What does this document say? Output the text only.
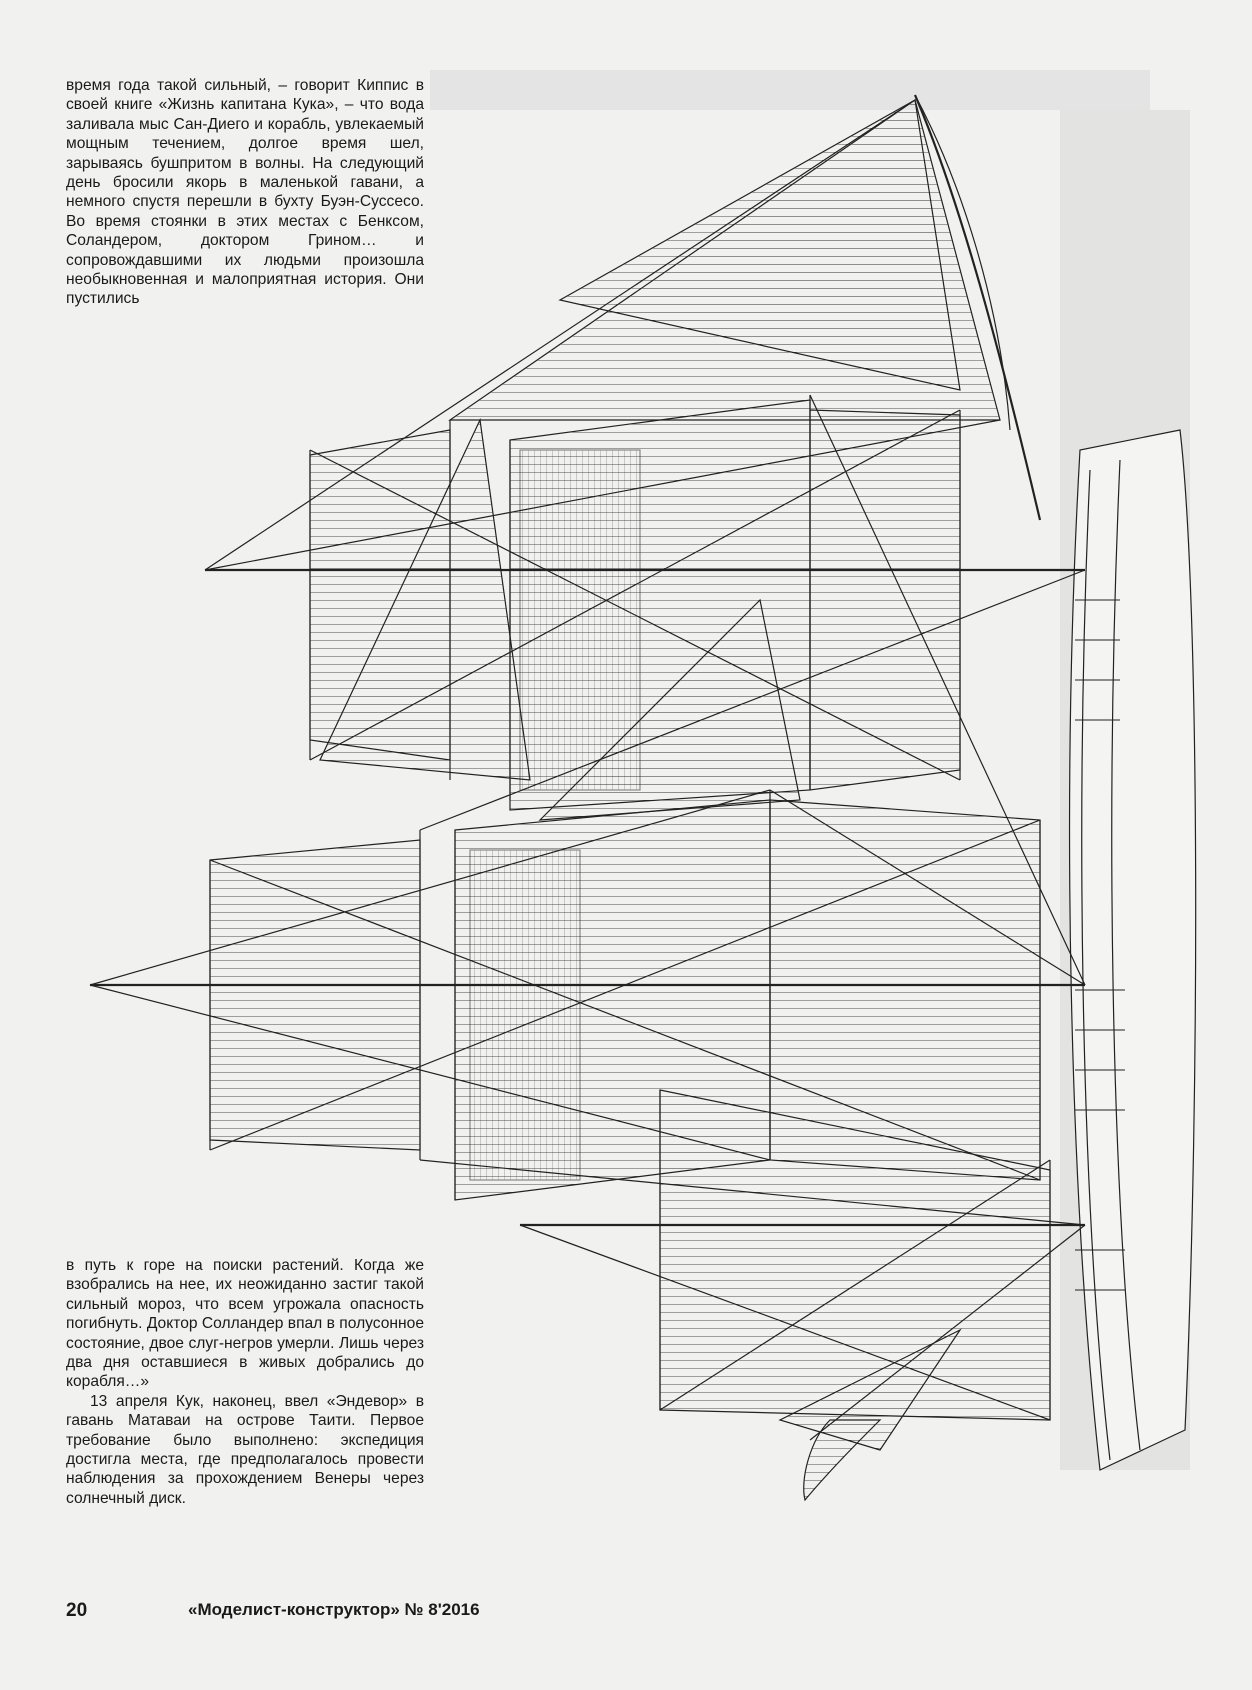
время года такой сильный, – говорит Киппис в своей книге «Жизнь капитана Кука», – что вода заливала мыс Сан-Диего и корабль, увлекаемый мощным течением, долгое время шел, зарываясь бушпритом в волны. На следующий день бросили якорь в маленькой гавани, а немного спустя перешли в бухту Буэн-Суссесо. Во время стоянки в этих местах с Бенксом, Соландером, доктором Грином… и сопровождавшими их людьми произошла необыкновенная и малоприятная история. Они пустились

в путь к горе на поиски растений. Когда же взобрались на нее, их неожиданно застиг такой сильный мороз, что всем угрожала опасность погибнуть. Доктор Солландер впал в полусонное состояние, двое слуг-негров умерли. Лишь через два дня оставшиеся в живых добрались до корабля…»

13 апреля Кук, наконец, ввел «Эндевор» в гавань Матаваи на острове Таити. Первое требование было выполнено: экспедиция достигла места, где предполагалось провести наблюдения за прохождением Венеры через солнечный диск.

20	«Моделист-конструктор» № 8'2016
